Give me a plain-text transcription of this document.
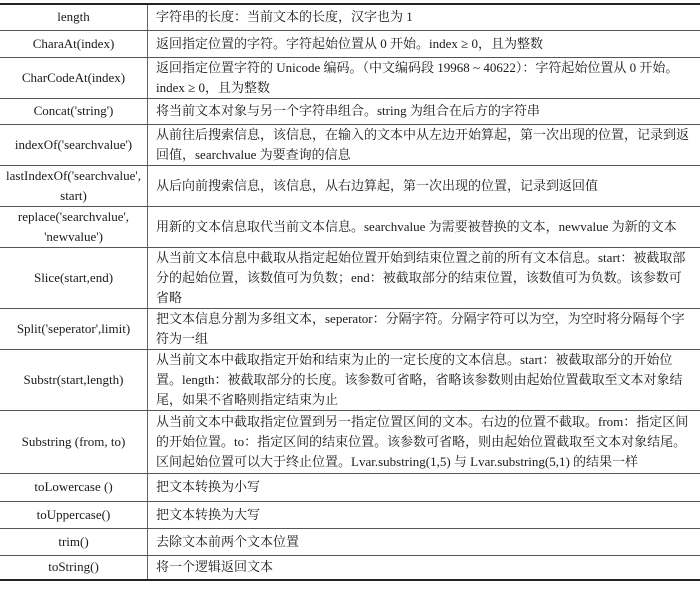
length	字符串的长度：当前文本的长度，汉字也为 1
CharaAt(index)	返回指定位置的字符。字符起始位置从 0 开始。index ≥ 0，且为整数
CharCodeAt(index)	返回指定位置字符的 Unicode 编码。（中文编码段 19968 ~ 40622）：字符起始位置从 0 开始。index ≥ 0，且为整数
Concat('string')	将当前文本对象与另一个字符串组合。string 为组合在后方的字符串
indexOf('searchvalue')	从前往后搜索信息，该信息，在输入的文本中从左边开始算起，第一次出现的位置，记录到返回值，searchvalue 为要查询的信息
lastIndexOf('searchvalue', start)	从后向前搜索信息，该信息，从右边算起，第一次出现的位置，记录到返回值
replace('searchvalue', 'newvalue')	用新的文本信息取代当前文本信息。searchvalue 为需要被替换的文本，newvalue 为新的文本
Slice(start,end)	从当前文本信息中截取从指定起始位置开始到结束位置之前的所有文本信息。start：被截取部分的起始位置，该数值可为负数；end：被截取部分的结束位置，该数值可为负数。该参数可省略
Split('seperator',limit)	把文本信息分割为多组文本，seperator：分隔字符。分隔字符可以为空，为空时将分隔每个字符为一组
Substr(start,length)	从当前文本中截取指定开始和结束为止的一定长度的文本信息。start：被截取部分的开始位置。length：被截取部分的长度。该参数可省略，省略该参数则由起始位置截取至文本对象结尾，如果不省略则指定结束为止
Substring (from, to)	从当前文本中截取指定位置到另一指定位置区间的文本。右边的位置不截取。from：指定区间的开始位置。to：指定区间的结束位置。该参数可省略，则由起始位置截取至文本对象结尾。区间起始位置可以大于终止位置。Lvar.substring(1,5) 与 Lvar.substring(5,1) 的结果一样
toLowercase ()	把文本转换为小写
toUppercase()	把文本转换为大写
trim()	去除文本前两个文本位置
toString()	将一个逻辑返回文本
